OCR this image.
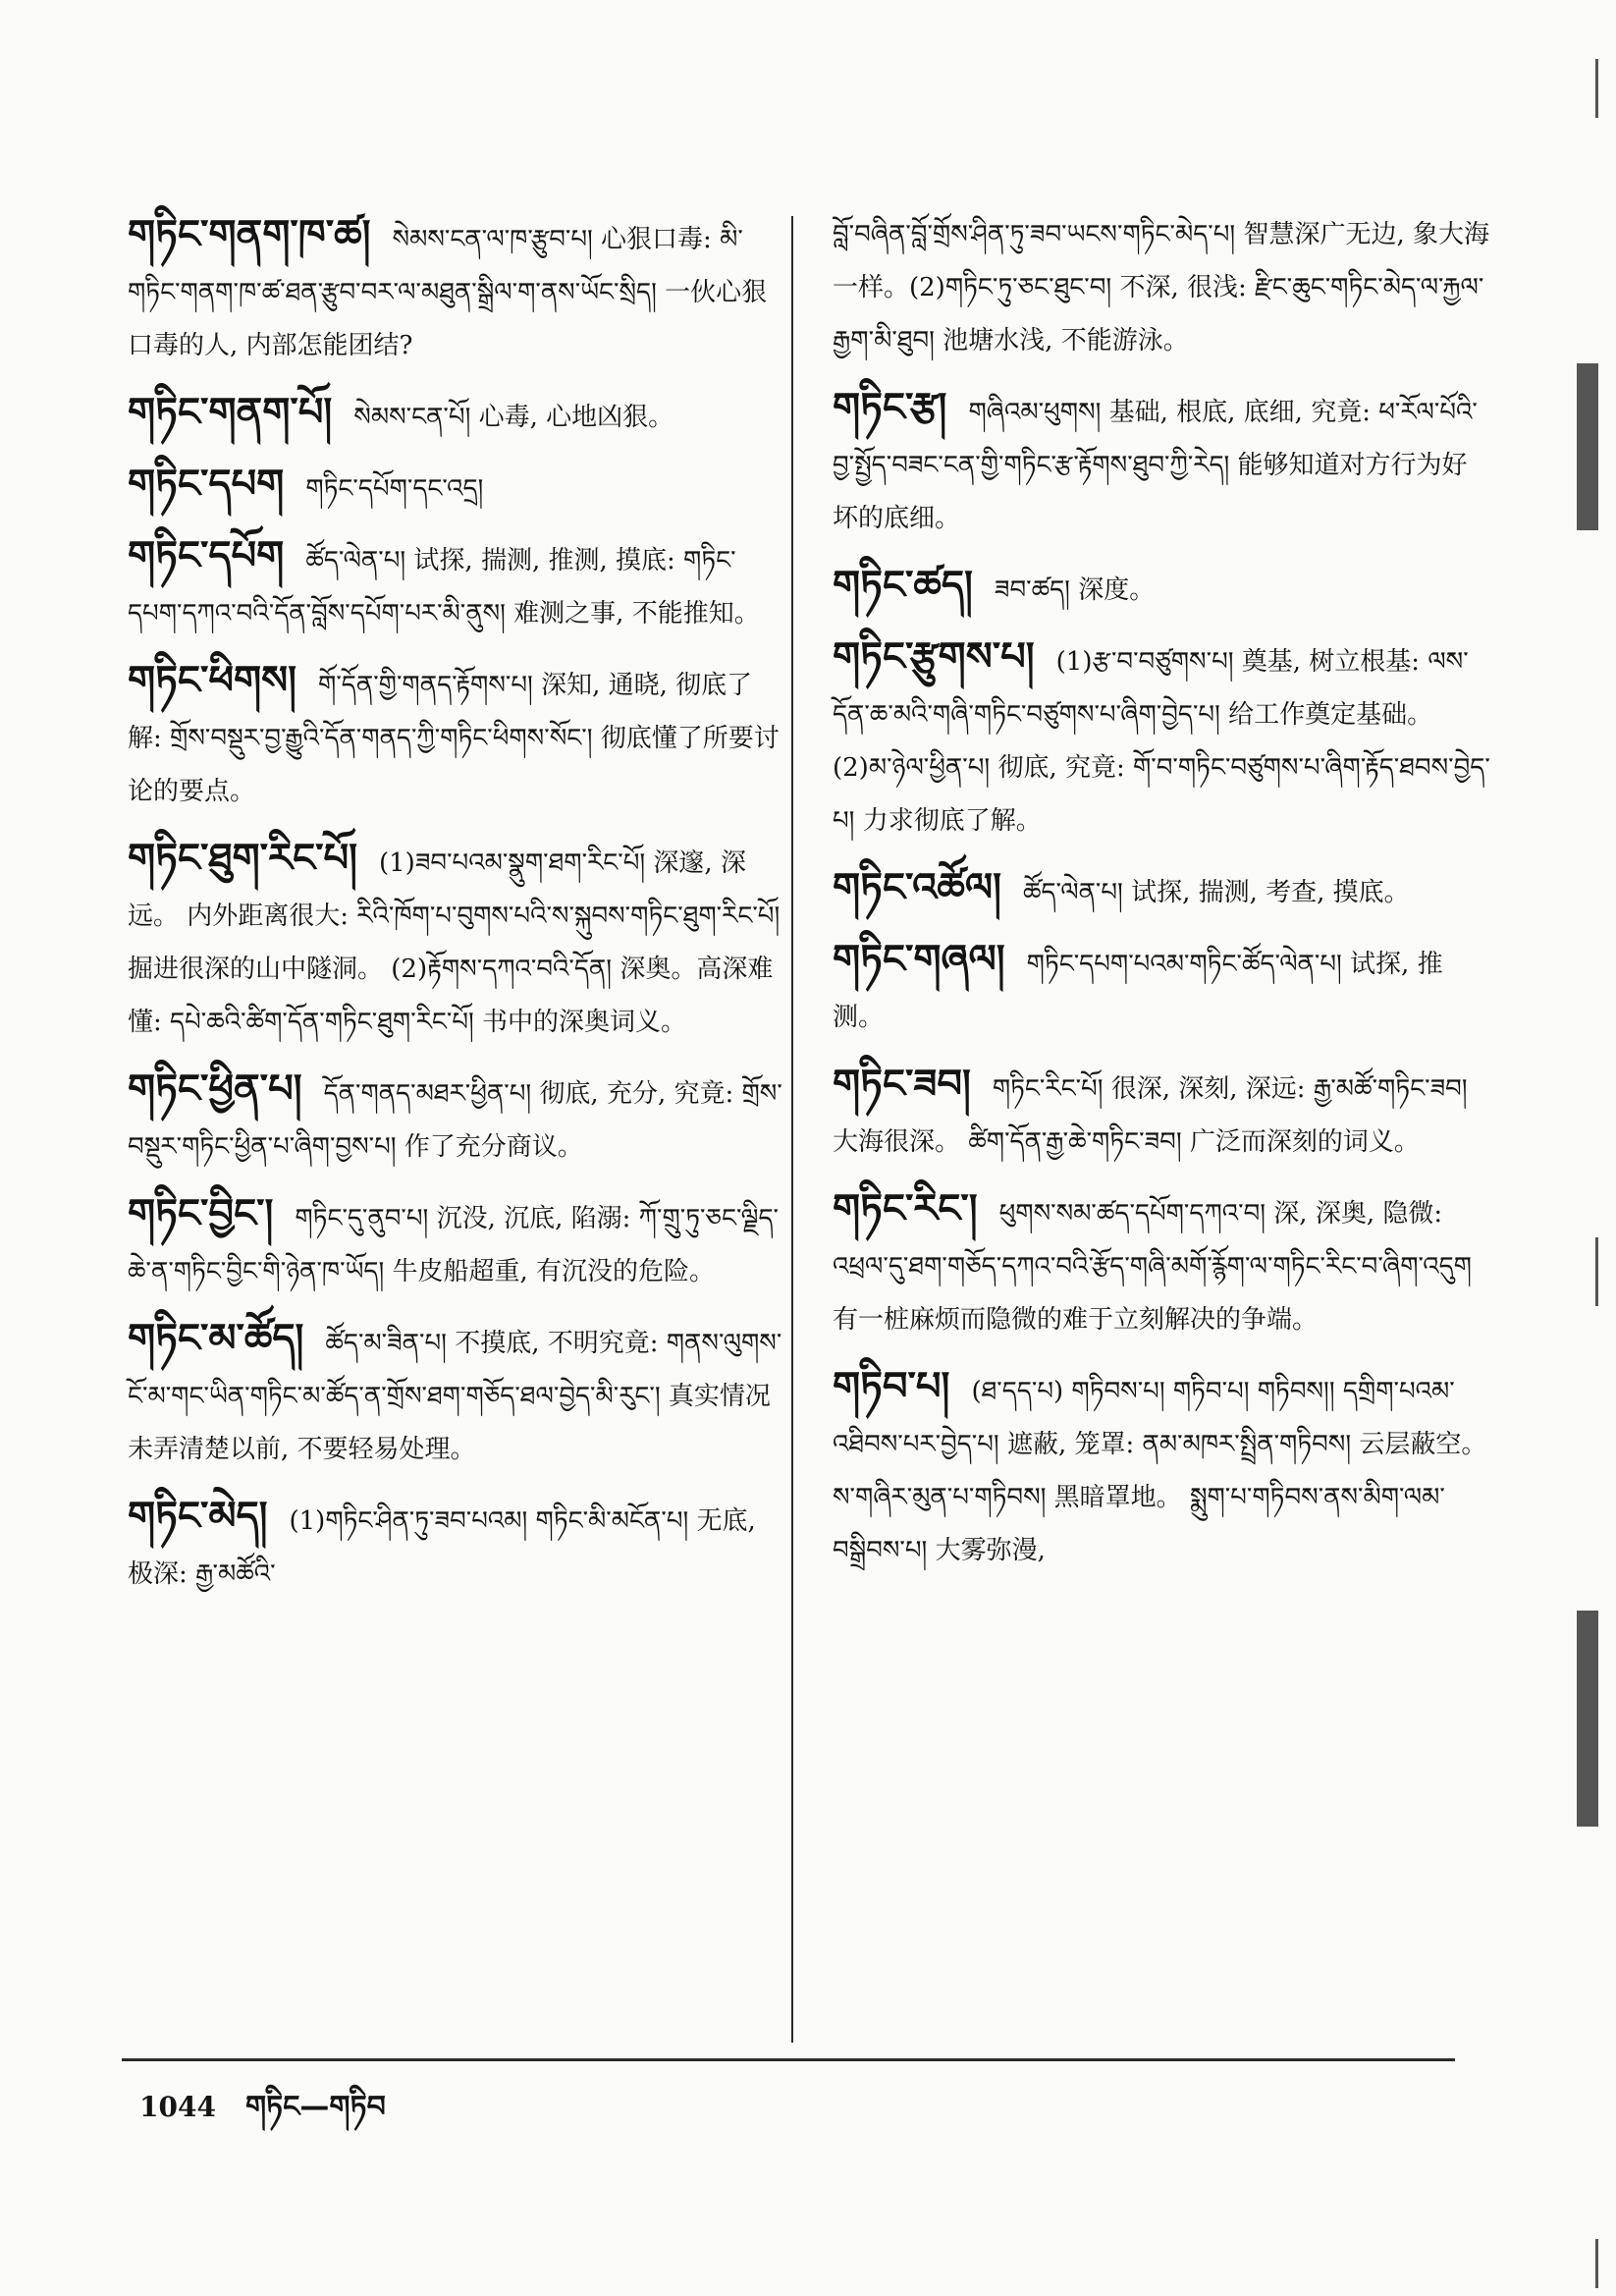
གཏིང་གནག་ཁ་ཚ། སེམས་ངན་ལ་ཁ་རྩུབ་པ། 心狠口毒: མི་གཏིང་གནག་ཁ་ཚ་ཐན་རྩུབ་བར་ལ་མཐུན་སྒྲིལ་ག་ནས་ཡོང་སྲིད། 一伙心狠口毒的人, 内部怎能团结?
གཏིང་གནག་པོ། སེམས་ངན་པོ། 心毒, 心地凶狠。
གཏིང་དཔག གཏིང་དཔོག་དང་འདྲ།
གཏིང་དཔོག ཚོད་ལེན་པ། 试探, 揣测, 推测, 摸底: གཏིང་དཔག་དཀའ་བའི་དོན་བློས་དཔོག་པར་མི་ནུས། 难测之事, 不能推知。
གཏིང་ཕིགས། གོ་དོན་གྱི་གནད་རྟོགས་པ། 深知, 通晓, 彻底了解: གྲོས་བསྡུར་བྱ་རྒྱུའི་དོན་གནད་ཀྱི་གཏིང་ཕིགས་སོང་། 彻底懂了所要讨论的要点。
གཏིང་ཐུག་རིང་པོ། (1)ཟབ་པའམ་སྣུག་ཐག་རིང་པོ། 深邃, 深远。 内外距离很大: རིའི་ཁོག་པ་བུགས་པའི་ས་སྐུབས་གཏིང་ཐུག་རིང་པོ། 掘进很深的山中隧洞。 (2)རྟོགས་དཀའ་བའི་དོན། 深奥。高深难懂: དཔེ་ཆའི་ཚིག་དོན་གཏིང་ཐུག་རིང་པོ། 书中的深奥词义。
གཏིང་ཕྱིན་པ། དོན་གནད་མཐར་ཕྱིན་པ། 彻底, 充分, 究竟: གྲོས་བསྡུར་གཏིང་ཕྱིན་པ་ཞིག་བྱས་པ། 作了充分商议。
གཏིང་བྱིང་། གཏིང་དུ་ནུབ་པ། 沉没, 沉底, 陷溺: ཀོ་གྲུ་ཏུ་ཅང་ལྗིད་ཆེ་ན་གཏིང་བྱིང་གི་ཉེན་ཁ་ཡོད། 牛皮船超重, 有沉没的危险。
གཏིང་མ་ཚོད། ཚོད་མ་ཟིན་པ། 不摸底, 不明究竟: གནས་ལུགས་ངོ་མ་གང་ཡིན་གཏིང་མ་ཚོད་ན་གྲོས་ཐག་གཅོད་ཐལ་བྱེད་མི་རུང་། 真实情况未弄清楚以前, 不要轻易处理。
གཏིང་མེད། (1)གཏིང་ཤིན་ཏུ་ཟབ་པའམ། གཏིང་མི་མངོན་པ། 无底, 极深: རྒྱ་མཚོའི་
བློ་བཞིན་བློ་གྲོས་ཤིན་ཏུ་ཟབ་ཡངས་གཏིང་མེད་པ། 智慧深广无边, 象大海一样。(2)གཏིང་ཏུ་ཅང་ཐུང་བ། 不深, 很浅: རྫིང་ཆུང་གཏིང་མེད་ལ་རྐྱལ་རྒྱག་མི་ཐུབ། 池塘水浅, 不能游泳。
གཏིང་རྩ། གཞིའམ་ཕུགས། 基础, 根底, 底细, 究竟: ཕ་རོལ་པོའི་བྱ་སྤྱོད་བཟང་ངན་གྱི་གཏིང་རྩ་རྟོགས་ཐུབ་ཀྱི་རེད། 能够知道对方行为好坏的底细。
གཏིང་ཚད། ཟབ་ཚད། 深度。
གཏིང་རྩུགས་པ། (1)རྩ་བ་བཙུགས་པ། 奠基, 树立根基: ལས་དོན་ཆ་མའི་གཞི་གཏིང་བཙུགས་པ་ཞིག་བྱེད་པ། 给工作奠定基础。 (2)མ་ཉེལ་ཕྱིན་པ། 彻底, 究竟: གོ་བ་གཏིང་བཙུགས་པ་ཞིག་རྟོད་ཐབས་བྱེད་པ། 力求彻底了解。
གཏིང་འཚོལ། ཚོད་ལེན་པ། 试探, 揣测, 考查, 摸底。
གཏིང་གཞལ། གཏིང་དཔག་པའམ་གཏིང་ཚོད་ལེན་པ། 试探, 推测。
གཏིང་ཟབ། གཏིང་རིང་པོ། 很深, 深刻, 深远: རྒྱ་མཚོ་གཏིང་ཟབ། 大海很深。 ཚིག་དོན་རྒྱ་ཆེ་གཏིང་ཟབ། 广泛而深刻的词义。
གཏིང་རིང་། ཕུགས་སམ་ཚད་དཔོག་དཀའ་བ། 深, 深奥, 隐微: འཕྲལ་དུ་ཐག་གཅོད་དཀའ་བའི་རྩོད་གཞི་མགོ་རྙོག་ལ་གཏིང་རིང་བ་ཞིག་འདུག 有一桩麻烦而隐微的难于立刻解决的争端。
གཏིབ་པ། (ཐ་དད་པ) གཏིབས་པ། གཏིབ་པ། གཏིབས།། དགྲིག་པའམ་འཐིབས་པར་བྱེད་པ། 遮蔽, 笼罩: ནམ་མཁར་སྤྲིན་གཏིབས། 云层蔽空。 ས་གཞིར་མུན་པ་གཏིབས། 黑暗罩地。 སྨུག་པ་གཏིབས་ནས་མིག་ལམ་བསྒྲིབས་པ། 大雾弥漫,
1044 གཏིང—གཏིབ
